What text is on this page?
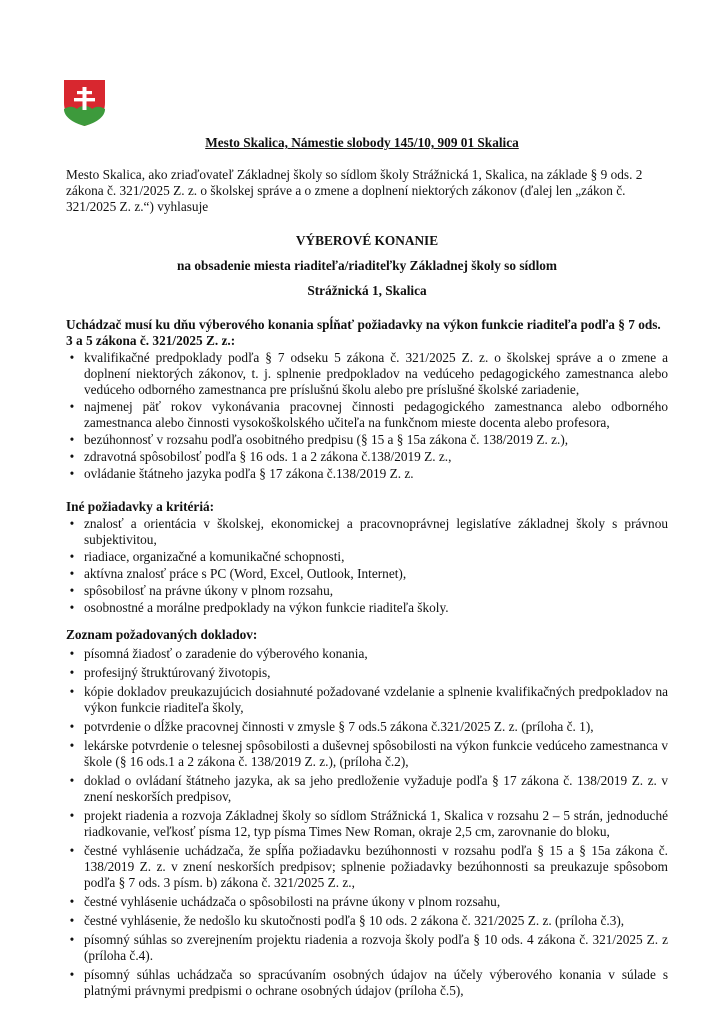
Mesto Skalica, Námestie slobody 145/10, 909 01 Skalica

Mesto Skalica, ako zriaďovateľ Základnej školy so sídlom školy Strážnická 1, Skalica, na základe § 9 ods. 2 zákona č. 321/2025 Z. z. o školskej správe a o zmene a doplnení niektorých zákonov (ďalej len „zákon č. 321/2025 Z. z.“) vyhlasuje

VÝBEROVÉ KONANIE

na obsadenie miesta riaditeľa/riaditeľky Základnej školy so sídlom

Strážnická 1, Skalica

Uchádzač musí ku dňu výberového konania spĺňať požiadavky na výkon funkcie riaditeľa podľa § 7 ods. 3 a 5 zákona č. 321/2025 Z. z.:

• kvalifikačné predpoklady podľa § 7 odseku 5 zákona č. 321/2025 Z. z. o školskej správe a o zmene a doplnení niektorých zákonov, t. j. splnenie predpokladov na vedúceho pedagogického zamestnanca alebo vedúceho odborného zamestnanca pre príslušnú školu alebo pre príslušné školské zariadenie,
• najmenej päť rokov vykonávania pracovnej činnosti pedagogického zamestnanca alebo odborného zamestnanca alebo činnosti vysokoškolského učiteľa na funkčnom mieste docenta alebo profesora,
• bezúhonnosť v rozsahu podľa osobitného predpisu (§ 15 a § 15a zákona č. 138/2019 Z. z.),
• zdravotná spôsobilosť podľa § 16 ods. 1 a 2 zákona č.138/2019 Z. z.,
• ovládanie štátneho jazyka podľa § 17 zákona č.138/2019 Z. z.

Iné požiadavky a kritériá:

• znalosť a orientácia v školskej, ekonomickej a pracovnoprávnej legislatíve základnej školy s právnou subjektivitou,
• riadiace, organizačné a komunikačné schopnosti,
• aktívna znalosť práce s PC (Word, Excel, Outlook, Internet),
• spôsobilosť na právne úkony v plnom rozsahu,
• osobnostné a morálne predpoklady na výkon funkcie riaditeľa školy.

Zoznam požadovaných dokladov:

• písomná žiadosť o zaradenie do výberového konania,
• profesijný štruktúrovaný životopis,
• kópie dokladov preukazujúcich dosiahnuté požadované vzdelanie a splnenie kvalifikačných predpokladov na výkon funkcie riaditeľa školy,
• potvrdenie o dĺžke pracovnej činnosti v zmysle § 7 ods.5 zákona č.321/2025 Z. z. (príloha č. 1),
• lekárske potvrdenie o telesnej spôsobilosti a duševnej spôsobilosti na výkon funkcie vedúceho zamestnanca v škole (§ 16 ods.1 a 2 zákona č. 138/2019 Z. z.), (príloha č.2),
• doklad o ovládaní štátneho jazyka, ak sa jeho predloženie vyžaduje podľa § 17 zákona č. 138/2019 Z. z. v znení neskorších predpisov,
• projekt riadenia a rozvoja Základnej školy so sídlom Strážnická 1, Skalica v rozsahu 2 – 5 strán, jednoduché riadkovanie, veľkosť písma 12, typ písma Times New Roman, okraje 2,5 cm, zarovnanie do bloku,
• čestné vyhlásenie uchádzača, že spĺňa požiadavku bezúhonnosti v rozsahu podľa § 15 a § 15a zákona č. 138/2019 Z. z. v znení neskorších predpisov; splnenie požiadavky bezúhonnosti sa preukazuje spôsobom podľa § 7 ods. 3 písm. b) zákona č. 321/2025 Z. z.,
• čestné vyhlásenie uchádzača o spôsobilosti na právne úkony v plnom rozsahu,
• čestné vyhlásenie, že nedošlo ku skutočnosti podľa § 10 ods. 2 zákona č. 321/2025 Z. z. (príloha č.3),
• písomný súhlas so zverejnením projektu riadenia a rozvoja školy podľa § 10 ods. 4 zákona č. 321/2025 Z. z (príloha č.4).
• písomný súhlas uchádzača so spracúvaním osobných údajov na účely výberového konania v súlade s platnými právnymi predpismi o ochrane osobných údajov (príloha č.5),
